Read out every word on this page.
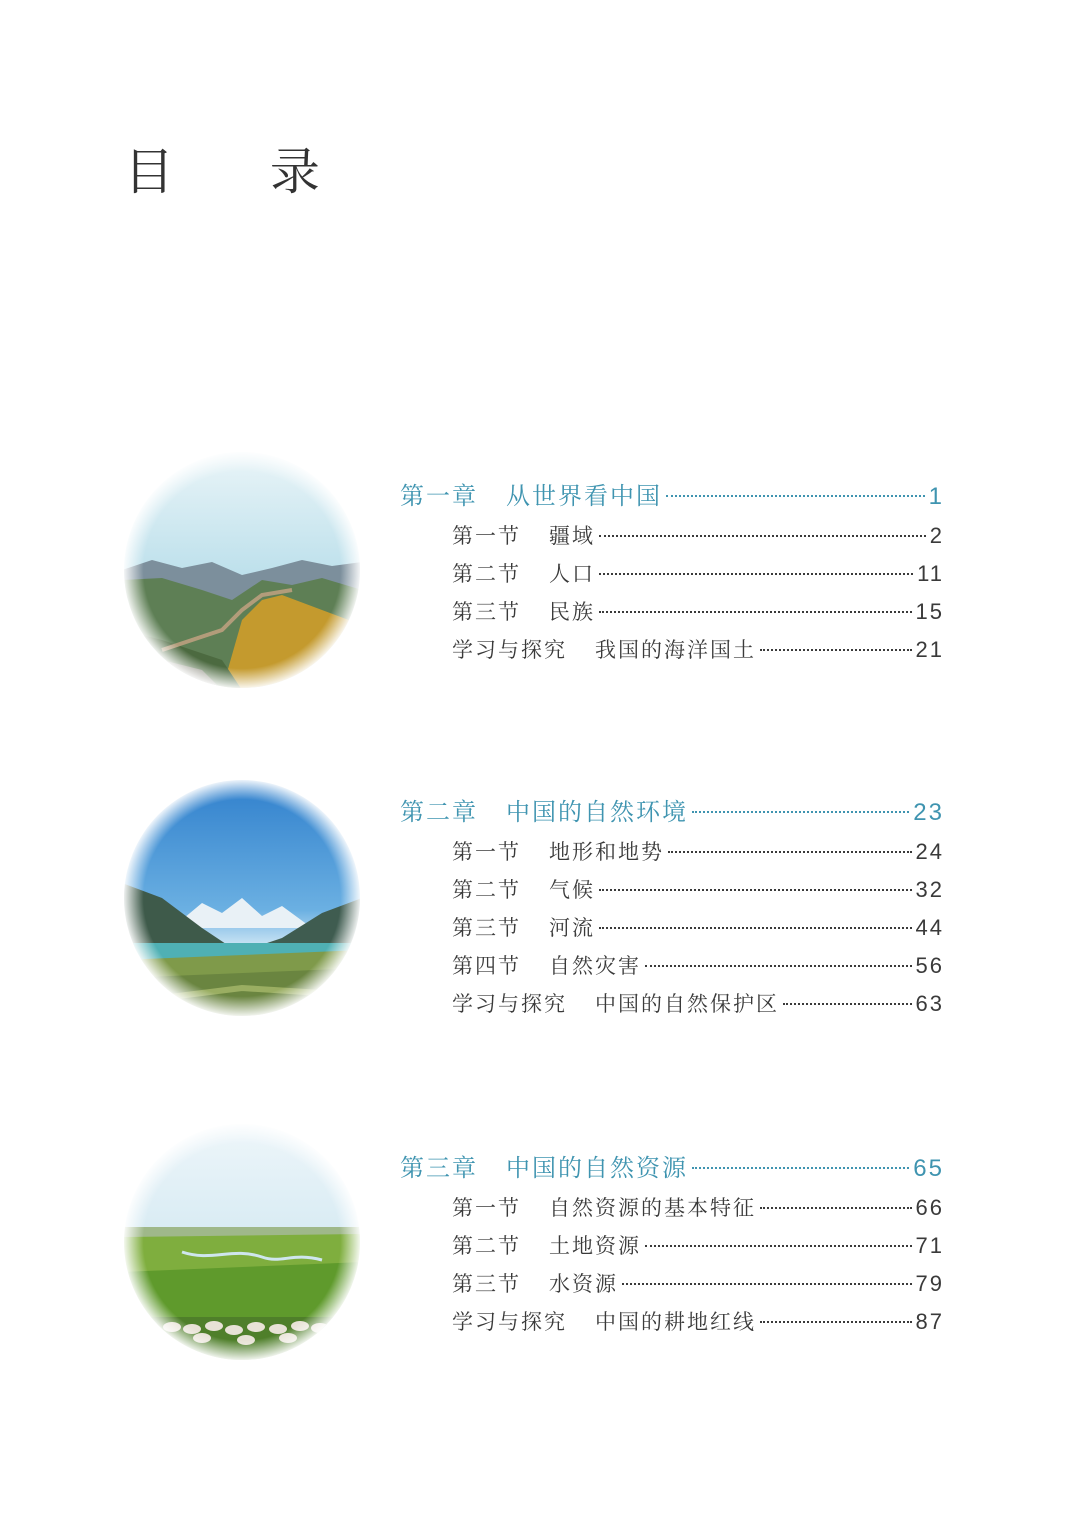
目 录
第一章 从世界看中国	1
第一节 疆域	2
第二节 人口	11
第三节 民族	15
学习与探究 我国的海洋国土	21
第二章 中国的自然环境	23
第一节 地形和地势	24
第二节 气候	32
第三节 河流	44
第四节 自然灾害	56
学习与探究 中国的自然保护区	63
第三章 中国的自然资源	65
第一节 自然资源的基本特征	66
第二节 土地资源	71
第三节 水资源	79
学习与探究 中国的耕地红线	87
